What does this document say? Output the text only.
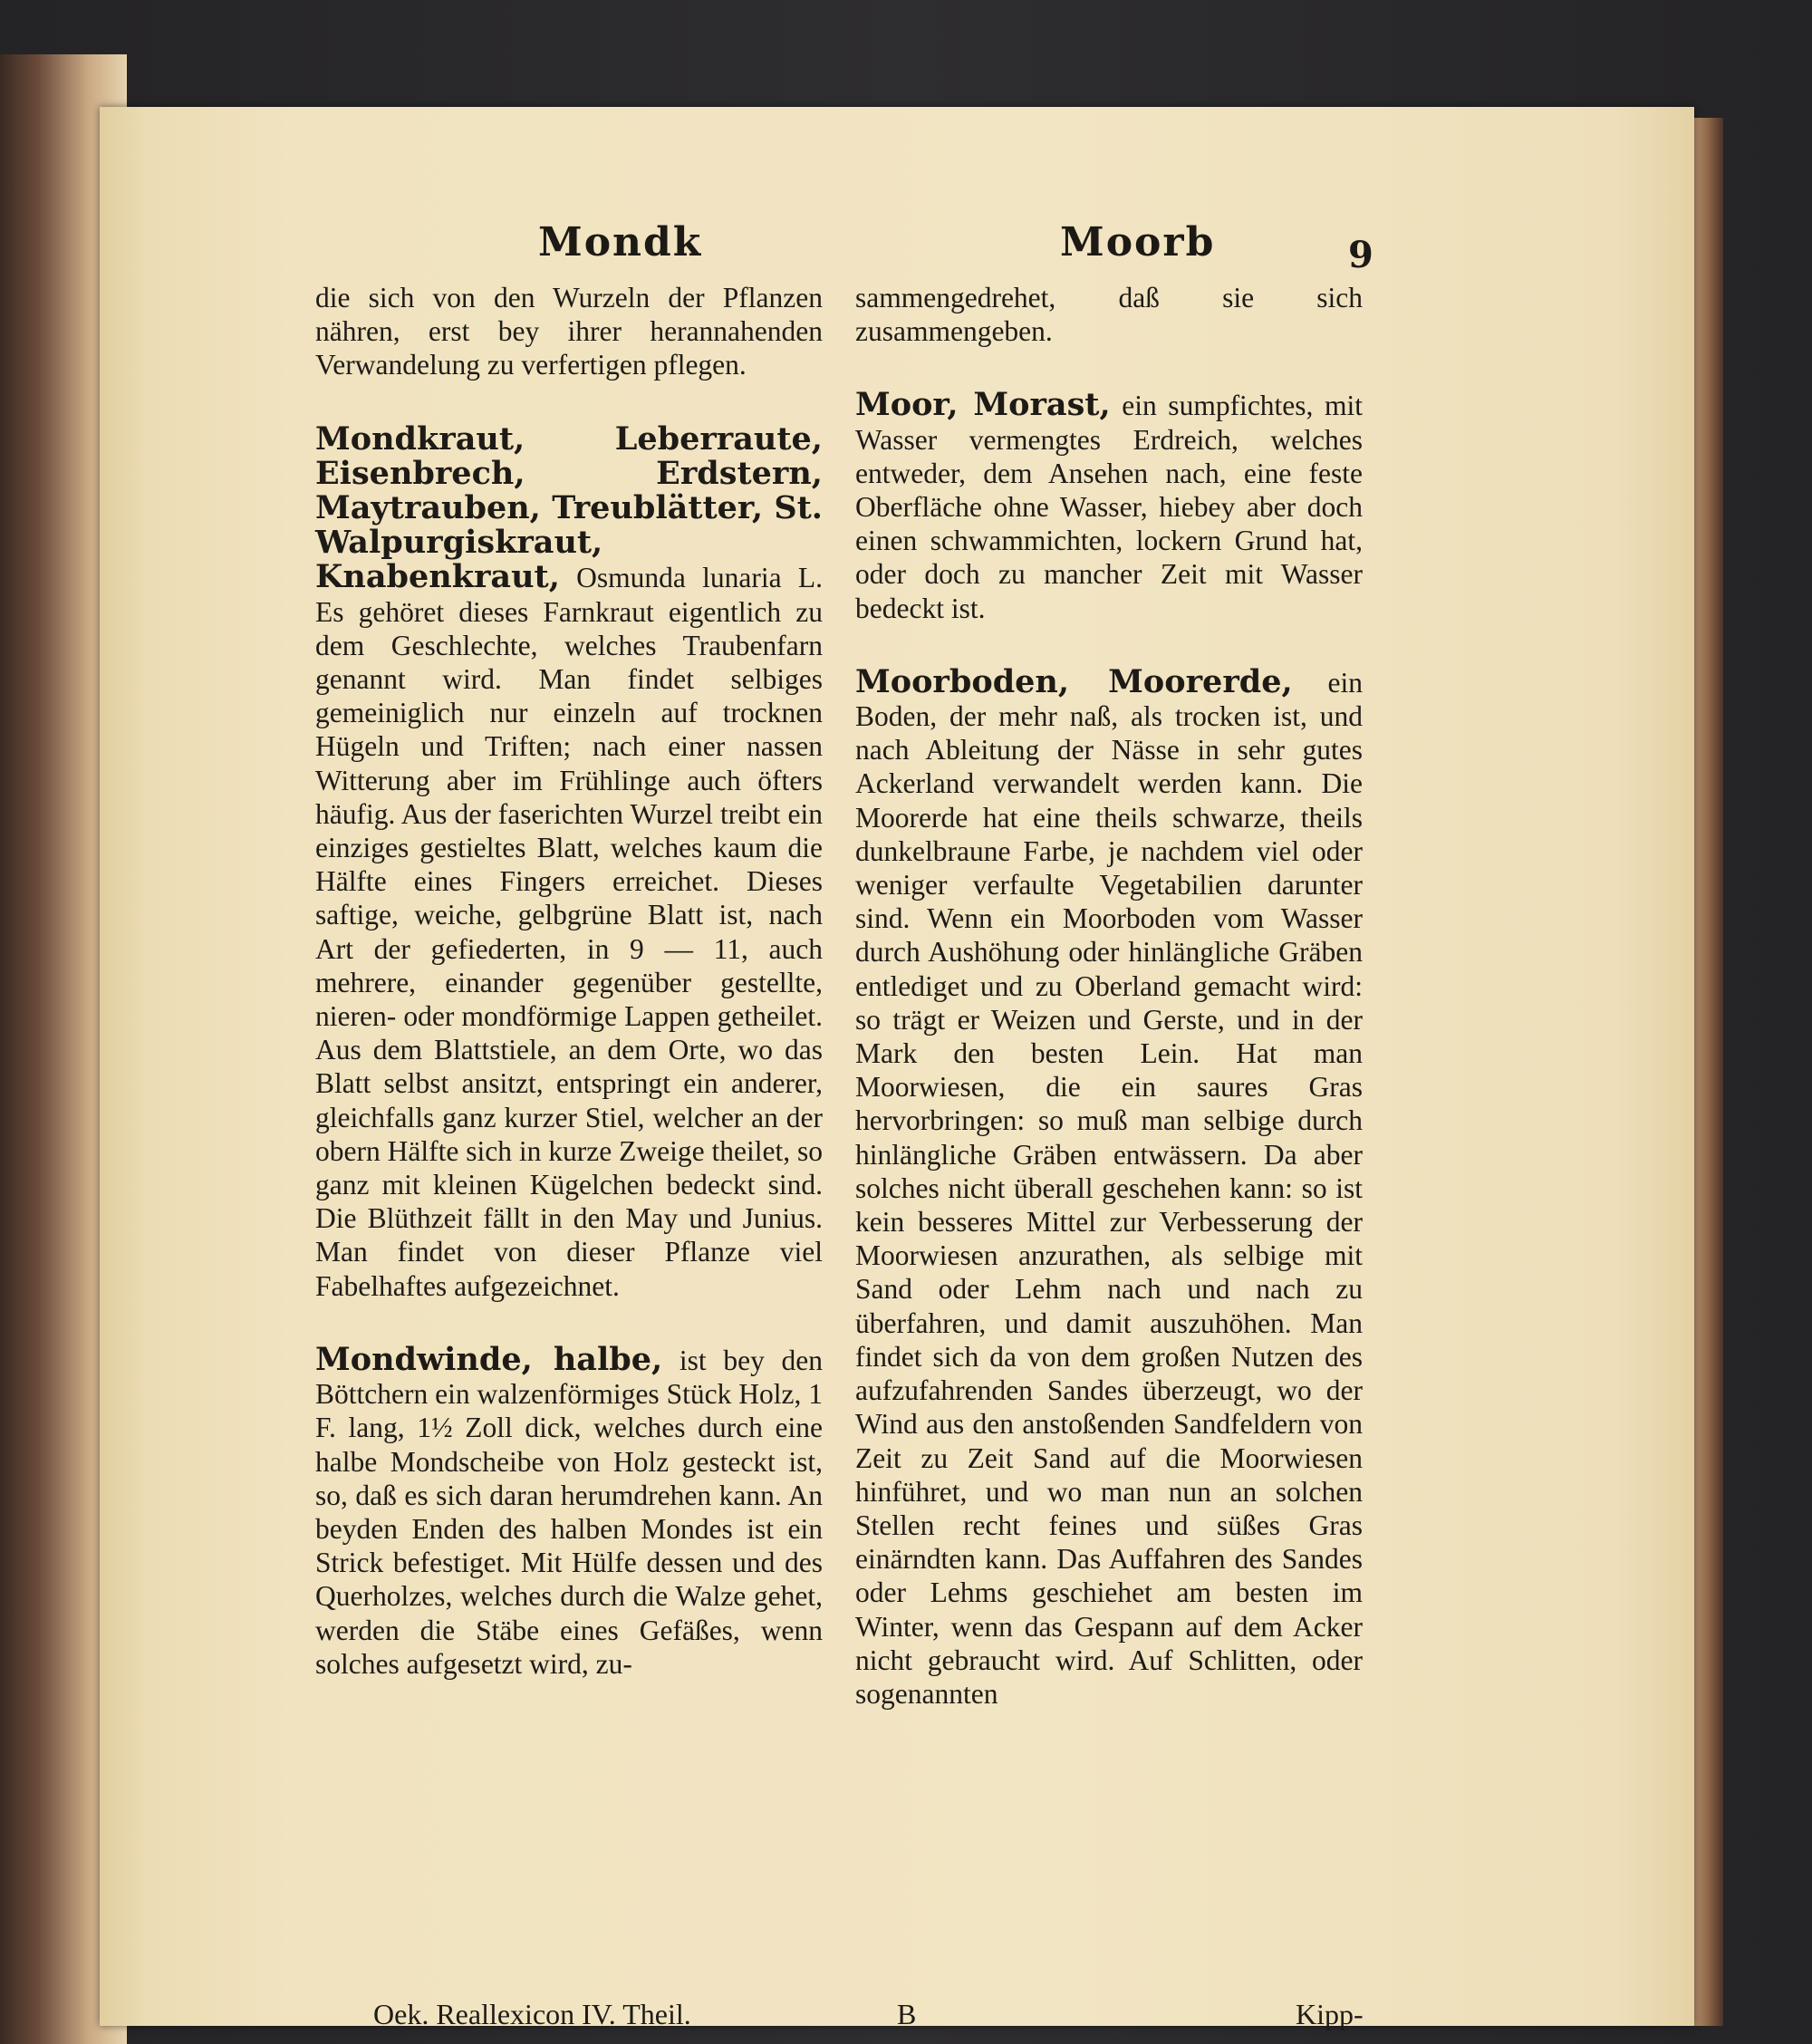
Mondk	Moorb	9

die sich von den Wurzeln der Pflanzen nähren, erst bey ihrer herannahenden Verwandelung zu verfertigen pflegen.

Mondkraut, Leberraute, Eisenbrech, Erdstern, Maytrauben, Treublätter, St. Walpurgiskraut, Knabenkraut, Osmunda lunaria L. Es gehöret dieses Farnkraut eigentlich zu dem Geschlechte, welches Traubenfarn genannt wird. Man findet selbiges gemeiniglich nur einzeln auf trocknen Hügeln und Triften; nach einer nassen Witterung aber im Frühlinge auch öfters häufig. Aus der faserichten Wurzel treibt ein einziges gestieltes Blatt, welches kaum die Hälfte eines Fingers erreichet. Dieses saftige, weiche, gelbgrüne Blatt ist, nach Art der gefiederten, in 9 — 11, auch mehrere, einander gegenüber gestellte, nieren- oder mondförmige Lappen getheilet. Aus dem Blattstiele, an dem Orte, wo das Blatt selbst ansitzt, entspringt ein anderer, gleichfalls ganz kurzer Stiel, welcher an der obern Hälfte sich in kurze Zweige theilet, so ganz mit kleinen Kügelchen bedeckt sind. Die Blüthzeit fällt in den May und Junius. Man findet von dieser Pflanze viel Fabelhaftes aufgezeichnet.

Mondwinde, halbe, ist bey den Böttchern ein walzenförmiges Stück Holz, 1 F. lang, 1½ Zoll dick, welches durch eine halbe Mondscheibe von Holz gesteckt ist, so, daß es sich daran herumdrehen kann. An beyden Enden des halben Mondes ist ein Strick befestiget. Mit Hülfe dessen und des Querholzes, welches durch die Walze gehet, werden die Stäbe eines Gefäßes, wenn solches aufgesetzt wird, zu-

sammengedrehet, daß sie sich zusammengeben.

Moor, Morast, ein sumpfichtes, mit Wasser vermengtes Erdreich, welches entweder, dem Ansehen nach, eine feste Oberfläche ohne Wasser, hiebey aber doch einen schwammichten, lockern Grund hat, oder doch zu mancher Zeit mit Wasser bedeckt ist.

Moorboden, Moorerde, ein Boden, der mehr naß, als trocken ist, und nach Ableitung der Nässe in sehr gutes Ackerland verwandelt werden kann. Die Moorerde hat eine theils schwarze, theils dunkelbraune Farbe, je nachdem viel oder weniger verfaulte Vegetabilien darunter sind. Wenn ein Moorboden vom Wasser durch Aushöhung oder hinlängliche Gräben entlediget und zu Oberland gemacht wird: so trägt er Weizen und Gerste, und in der Mark den besten Lein. Hat man Moorwiesen, die ein saures Gras hervorbringen: so muß man selbige durch hinlängliche Gräben entwässern. Da aber solches nicht überall geschehen kann: so ist kein besseres Mittel zur Verbesserung der Moorwiesen anzurathen, als selbige mit Sand oder Lehm nach und nach zu überfahren, und damit auszuhöhen. Man findet sich da von dem großen Nutzen des aufzufahrenden Sandes überzeugt, wo der Wind aus den anstoßenden Sandfeldern von Zeit zu Zeit Sand auf die Moorwiesen hinführet, und wo man nun an solchen Stellen recht feines und süßes Gras einärndten kann. Das Auffahren des Sandes oder Lehms geschiehet am besten im Winter, wenn das Gespann auf dem Acker nicht gebraucht wird. Auf Schlitten, oder sogenannten

Oek. Reallexicon IV. Theil.	B	Kipp-
